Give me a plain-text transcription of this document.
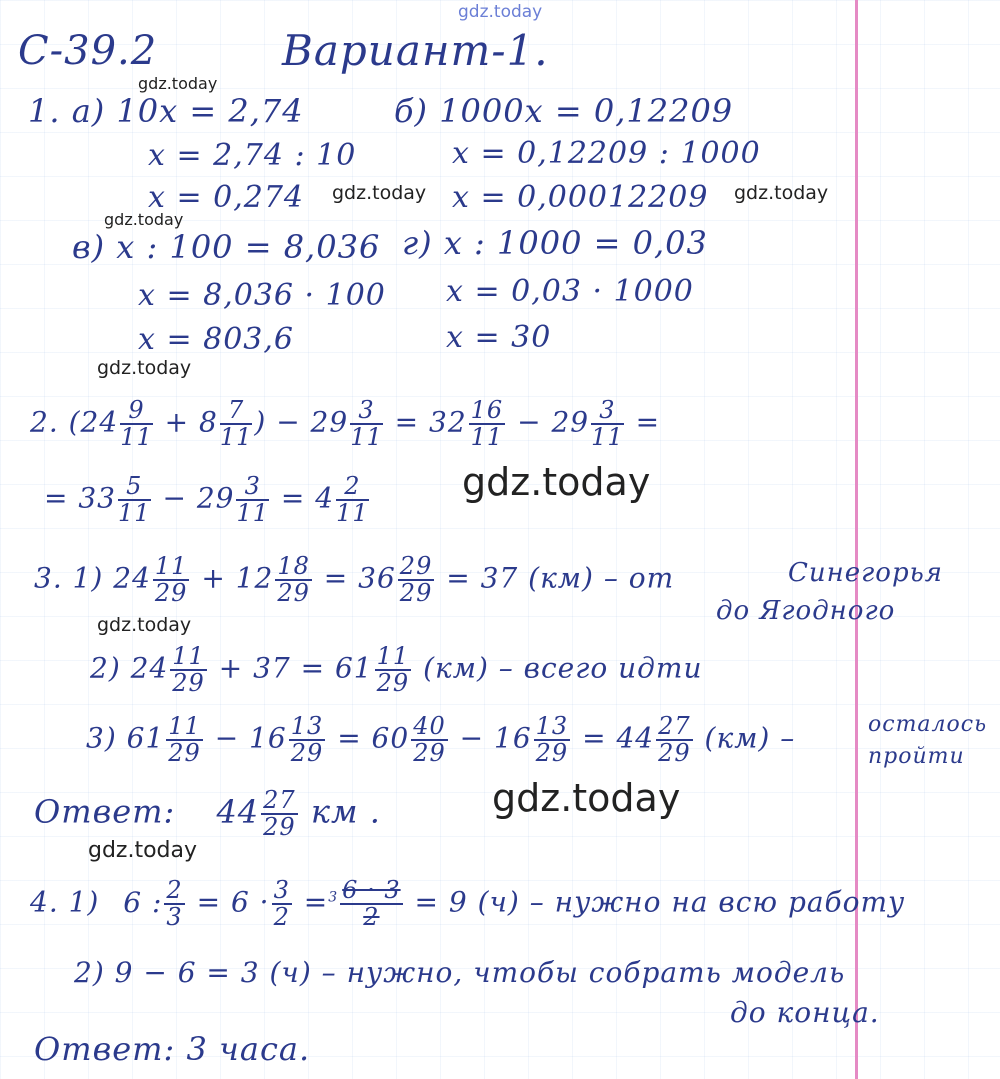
gdz.today
gdz.today
gdz.today	gdz.today
gdz.today
gdz.today
gdz.today
gdz.today
gdz.today
gdz.today
С-39.2	Вариант-1.
1. а) 10x = 2,74
x = 2,74 : 10
x = 0,274
б) 1000x = 0,12209
x = 0,12209 : 1000
x = 0,00012209
в) x : 100 = 8,036
x = 8,036 · 100
x = 803,6
г) x : 1000 = 0,03
x = 0,03 · 1000
x = 30
2. ($24 \frac{9}{11} + 8 \frac{7}{11}$ ) − $29 \frac{3}{11} = 32 \frac{16}{11} - 29 \frac{3}{11}$ =
= $33 \frac{5}{11} - 29 \frac{3}{11} = 4 \frac{2}{11}$
3. 1) $24 \frac{11}{29} + 12 \frac{18}{29} = 36 \frac{29}{29} = 37$ (км) – от	Синегорья
до Ягодного
2) $24 \frac{11}{29} + 37 = 61 \frac{11}{29} (км)$ – всего идти
3) $61 \frac{11}{29} - 16 \frac{13}{29} = 60 \frac{40}{29} - 16 \frac{13}{29} = 44 \frac{27}{29} (км)$ –	осталось
пройти
Ответ: $44 \frac{27}{29}$ км .
4. 1) 6 : $\frac{2}{3} = 6 \cdot \frac{3}{2} =^3 \frac{6 \cdot 3}{2} = 9$ (ч) – нужно на всю работу
2) 9 − 6 = 3 (ч) – нужно, чтобы собрать модель
до конца.
Ответ: 3 часа.
